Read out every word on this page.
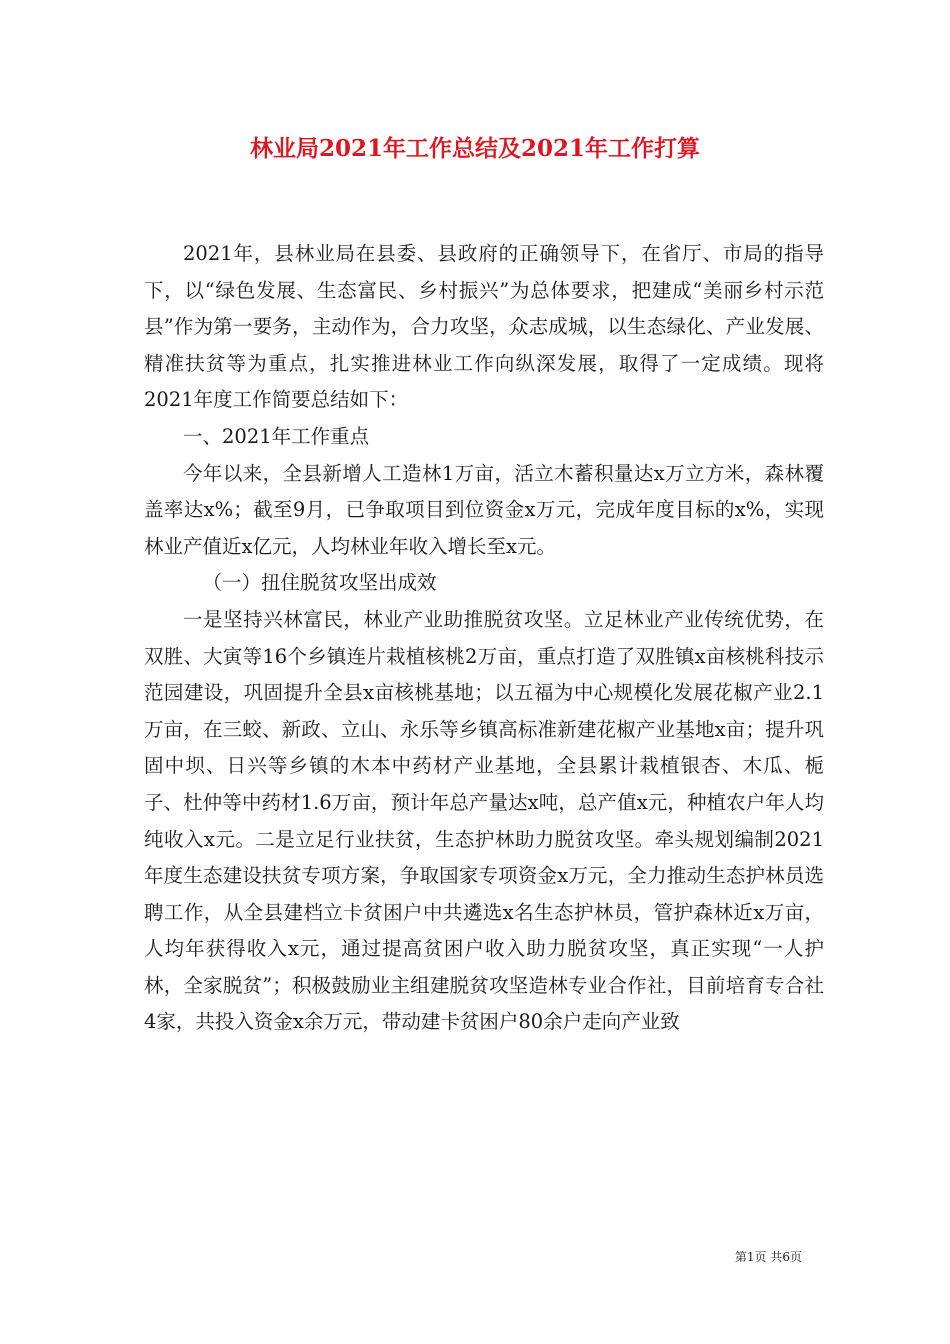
林业局2021年工作总结及2021年工作打算

2021年，县林业局在县委、县政府的正确领导下，在省厅、市局的指导下，以“绿色发展、生态富民、乡村振兴”为总体要求，把建成“美丽乡村示范县”作为第一要务，主动作为，合力攻坚，众志成城，以生态绿化、产业发展、精准扶贫等为重点，扎实推进林业工作向纵深发展，取得了一定成绩。现将2021年度工作简要总结如下：

一、2021年工作重点

今年以来，全县新增人工造林1万亩，活立木蓄积量达x万立方米，森林覆盖率达x%；截至9月，已争取项目到位资金x万元，完成年度目标的x%，实现林业产值近x亿元，人均林业年收入增长至x元。

（一）扭住脱贫攻坚出成效

一是坚持兴林富民，林业产业助推脱贫攻坚。立足林业产业传统优势，在双胜、大寅等16个乡镇连片栽植核桃2万亩，重点打造了双胜镇x亩核桃科技示范园建设，巩固提升全县x亩核桃基地；以五福为中心规模化发展花椒产业2.1万亩，在三蛟、新政、立山、永乐等乡镇高标准新建花椒产业基地x亩；提升巩固中坝、日兴等乡镇的木本中药材产业基地，全县累计栽植银杏、木瓜、栀子、杜仲等中药材1.6万亩，预计年总产量达x吨，总产值x元，种植农户年人均纯收入x元。二是立足行业扶贫，生态护林助力脱贫攻坚。牵头规划编制2021年度生态建设扶贫专项方案，争取国家专项资金x万元，全力推动生态护林员选聘工作，从全县建档立卡贫困户中共遴选x名生态护林员，管护森林近x万亩，人均年获得收入x元，通过提高贫困户收入助力脱贫攻坚，真正实现“一人护林，全家脱贫”；积极鼓励业主组建脱贫攻坚造林专业合作社，目前培育专合社4家，共投入资金x余万元，带动建卡贫困户80余户走向产业致

第1页 共6页
